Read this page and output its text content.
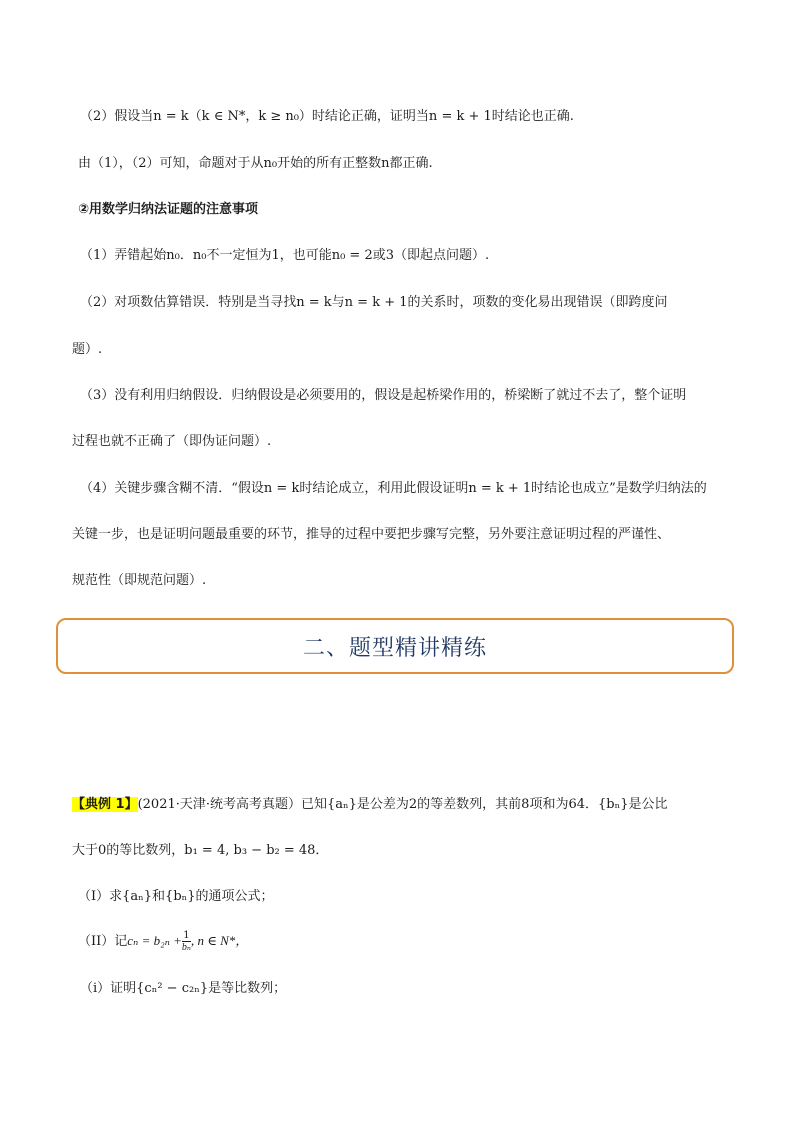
（2）假设当n = k（k ∈ N*，k ≥ n₀）时结论正确，证明当n = k + 1时结论也正确.
由（1），（2）可知，命题对于从n₀开始的所有正整数n都正确.
②用数学归纳法证题的注意事项
（1）弄错起始n₀．n₀不一定恒为1，也可能n₀ = 2或3（即起点问题）.
（2）对项数估算错误．特别是当寻找n = k与n = k + 1的关系时，项数的变化易出现错误（即跨度问
题）.
（3）没有利用归纳假设．归纳假设是必须要用的，假设是起桥梁作用的，桥梁断了就过不去了，整个证明
过程也就不正确了（即伪证问题）.
（4）关键步骤含糊不清．“假设n = k时结论成立，利用此假设证明n = k + 1时结论也成立”是数学归纳法的
关键一步，也是证明问题最重要的环节，推导的过程中要把步骤写完整，另外要注意证明过程的严谨性、
规范性（即规范问题）.
二、题型精讲精练
【典例 1】(2021·天津·统考高考真题）已知{aₙ}是公差为2的等差数列，其前8项和为64．{bₙ}是公比
大于0的等比数列，b₁ = 4, b₃ − b₂ = 48．
（I）求{aₙ}和{bₙ}的通项公式；
（II）记$c_n = b_{2n} + \frac{1}{\text{bₙ}}$ , n ∈ N*，
（i）证明{cₙ² − c₂ₙ}是等比数列；
